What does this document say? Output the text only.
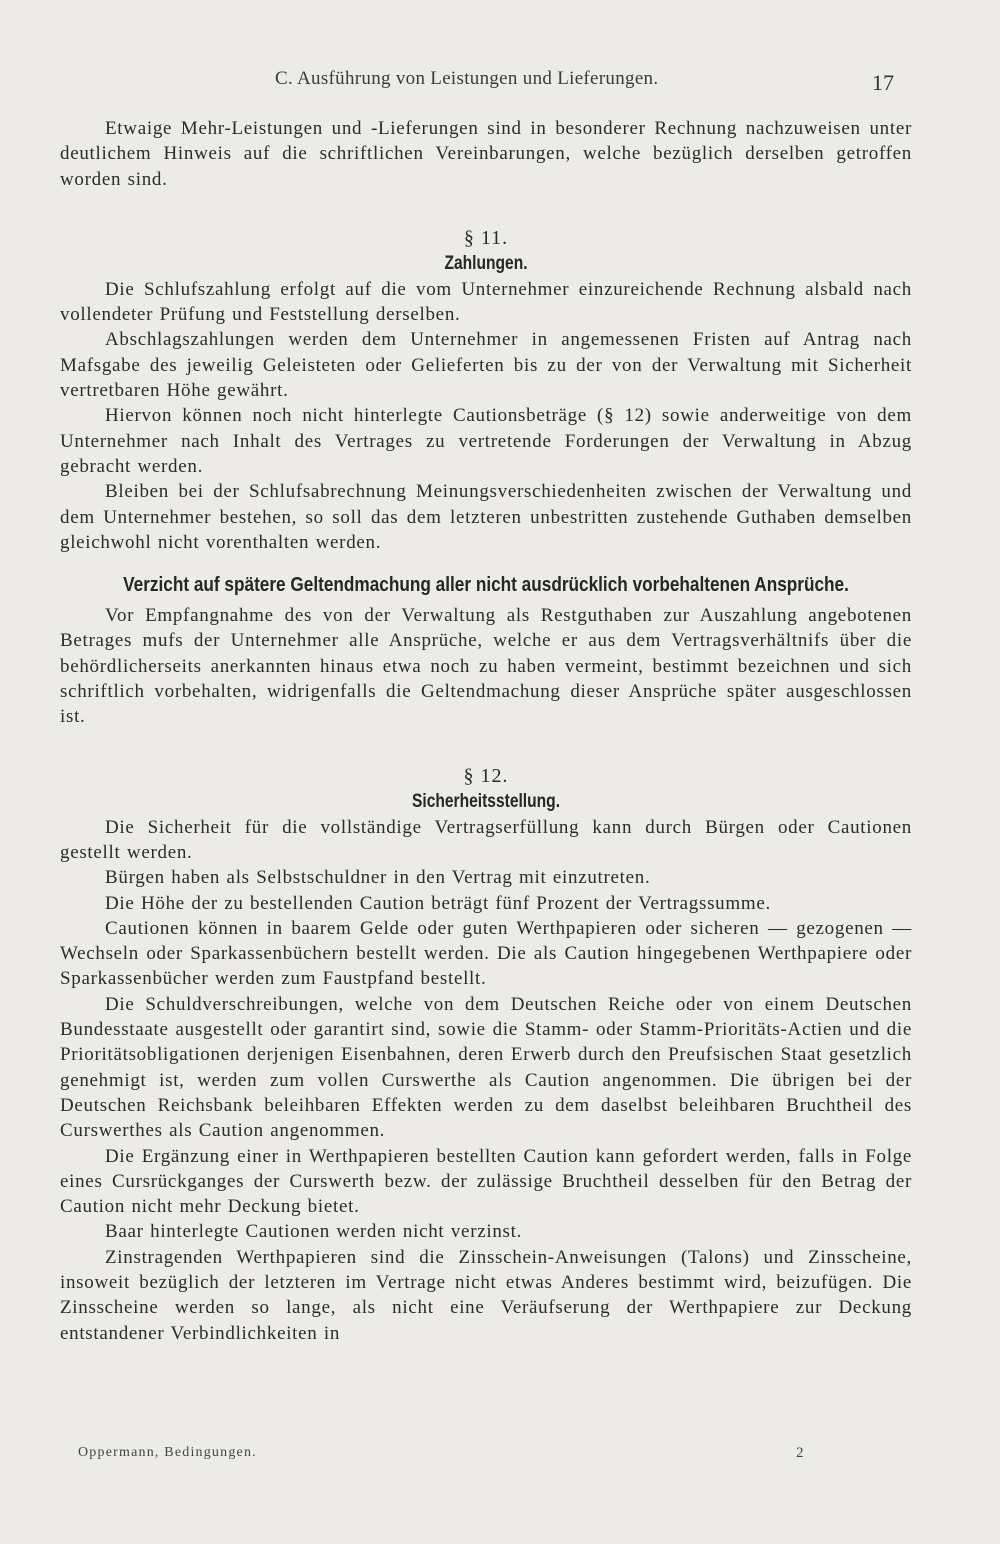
C. Ausführung von Leistungen und Lieferungen.	17

Etwaige Mehr-Leistungen und -Lieferungen sind in besonderer Rechnung nachzuweisen unter deutlichem Hinweis auf die schriftlichen Vereinbarungen, welche bezüglich derselben getroffen worden sind.

§ 11.
Zahlungen.

Die Schlufszahlung erfolgt auf die vom Unternehmer einzureichende Rechnung alsbald nach vollendeter Prüfung und Feststellung derselben.

Abschlagszahlungen werden dem Unternehmer in angemessenen Fristen auf Antrag nach Mafsgabe des jeweilig Geleisteten oder Gelieferten bis zu der von der Verwaltung mit Sicherheit vertretbaren Höhe gewährt.

Hiervon können noch nicht hinterlegte Cautionsbeträge (§ 12) sowie anderweitige von dem Unternehmer nach Inhalt des Vertrages zu vertretende Forderungen der Verwaltung in Abzug gebracht werden.

Bleiben bei der Schlufsabrechnung Meinungsverschiedenheiten zwischen der Verwaltung und dem Unternehmer bestehen, so soll das dem letzteren unbestritten zustehende Guthaben demselben gleichwohl nicht vorenthalten werden.

Verzicht auf spätere Geltendmachung aller nicht ausdrücklich vorbehaltenen Ansprüche.

Vor Empfangnahme des von der Verwaltung als Restguthaben zur Auszahlung angebotenen Betrages mufs der Unternehmer alle Ansprüche, welche er aus dem Vertragsverhältnifs über die behördlicherseits anerkannten hinaus etwa noch zu haben vermeint, bestimmt bezeichnen und sich schriftlich vorbehalten, widrigenfalls die Geltendmachung dieser Ansprüche später ausgeschlossen ist.

§ 12.
Sicherheitsstellung.

Die Sicherheit für die vollständige Vertragserfüllung kann durch Bürgen oder Cautionen gestellt werden.

Bürgen haben als Selbstschuldner in den Vertrag mit einzutreten.

Die Höhe der zu bestellenden Caution beträgt fünf Prozent der Vertragssumme.

Cautionen können in baarem Gelde oder guten Werthpapieren oder sicheren — gezogenen — Wechseln oder Sparkassenbüchern bestellt werden. Die als Caution hingegebenen Werthpapiere oder Sparkassenbücher werden zum Faustpfand bestellt.

Die Schuldverschreibungen, welche von dem Deutschen Reiche oder von einem Deutschen Bundesstaate ausgestellt oder garantirt sind, sowie die Stamm- oder Stamm-Prioritäts-Actien und die Prioritätsobligationen derjenigen Eisenbahnen, deren Erwerb durch den Preufsischen Staat gesetzlich genehmigt ist, werden zum vollen Curswerthe als Caution angenommen. Die übrigen bei der Deutschen Reichsbank beleihbaren Effekten werden zu dem daselbst beleihbaren Bruchtheil des Curswerthes als Caution angenommen.

Die Ergänzung einer in Werthpapieren bestellten Caution kann gefordert werden, falls in Folge eines Cursrückganges der Curswerth bezw. der zulässige Bruchtheil desselben für den Betrag der Caution nicht mehr Deckung bietet.

Baar hinterlegte Cautionen werden nicht verzinst.

Zinstragenden Werthpapieren sind die Zinsschein-Anweisungen (Talons) und Zinsscheine, insoweit bezüglich der letzteren im Vertrage nicht etwas Anderes bestimmt wird, beizufügen. Die Zinsscheine werden so lange, als nicht eine Veräufserung der Werthpapiere zur Deckung entstandener Verbindlichkeiten in

Oppermann, Bedingungen.	2
